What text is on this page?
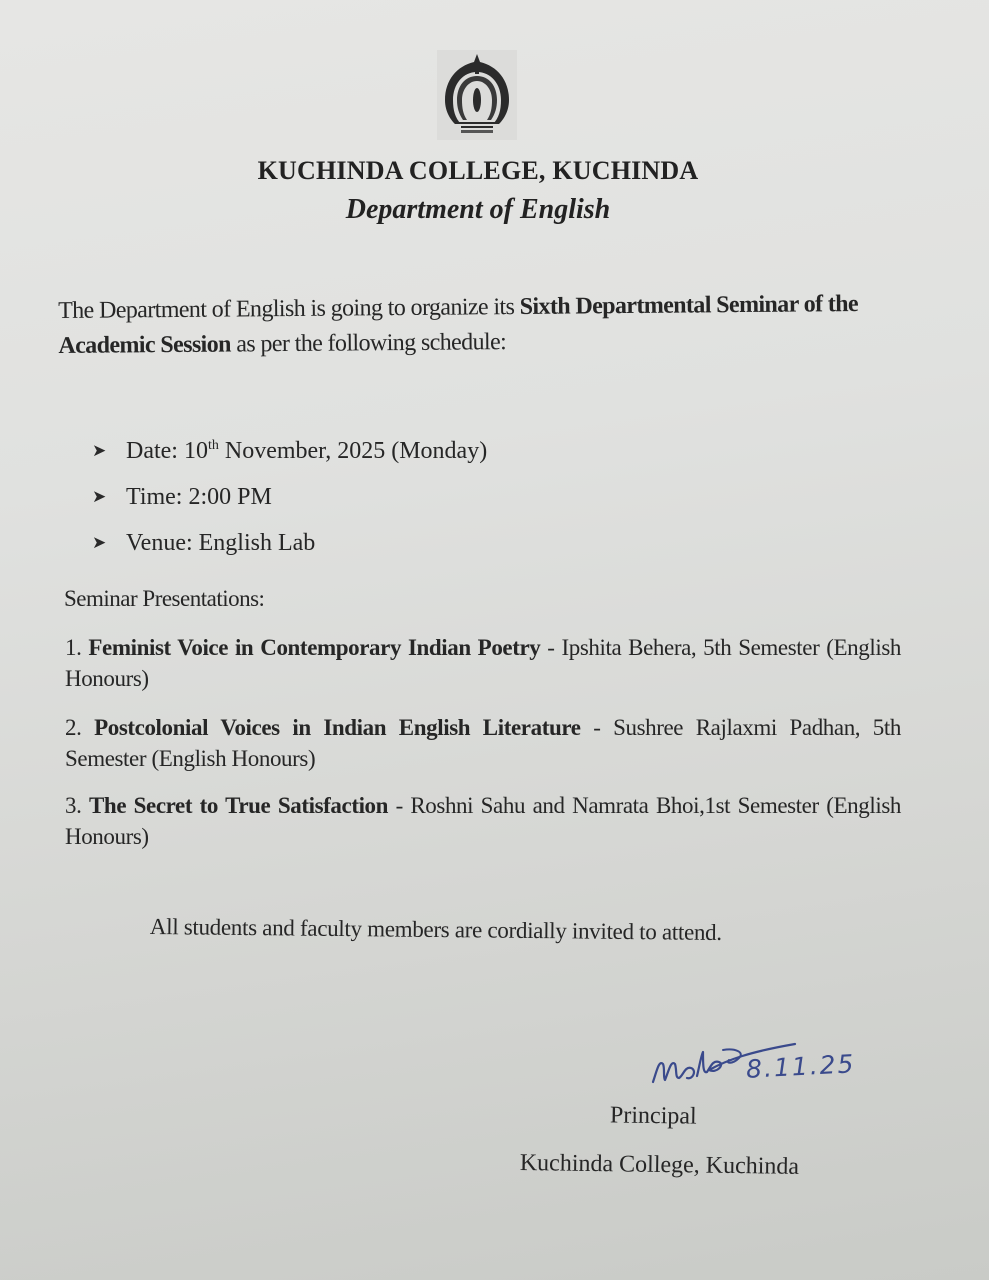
KUCHINDA COLLEGE, KUCHINDA
Department of English
The Department of English is going to organize its Sixth Departmental Seminar of the Academic Session as per the following schedule:
➤ Date: 10th November, 2025 (Monday)
➤ Time: 2:00 PM
➤ Venue: English Lab
Seminar Presentations:
1. Feminist Voice in Contemporary Indian Poetry - Ipshita Behera, 5th Semester (English Honours)
2. Postcolonial Voices in Indian English Literature - Sushree Rajlaxmi Padhan, 5th Semester (English Honours)
3. The Secret to True Satisfaction - Roshni Sahu and Namrata Bhoi,1st Semester (English Honours)
All students and faculty members are cordially invited to attend.
8.11.25
Principal
Kuchinda College, Kuchinda
